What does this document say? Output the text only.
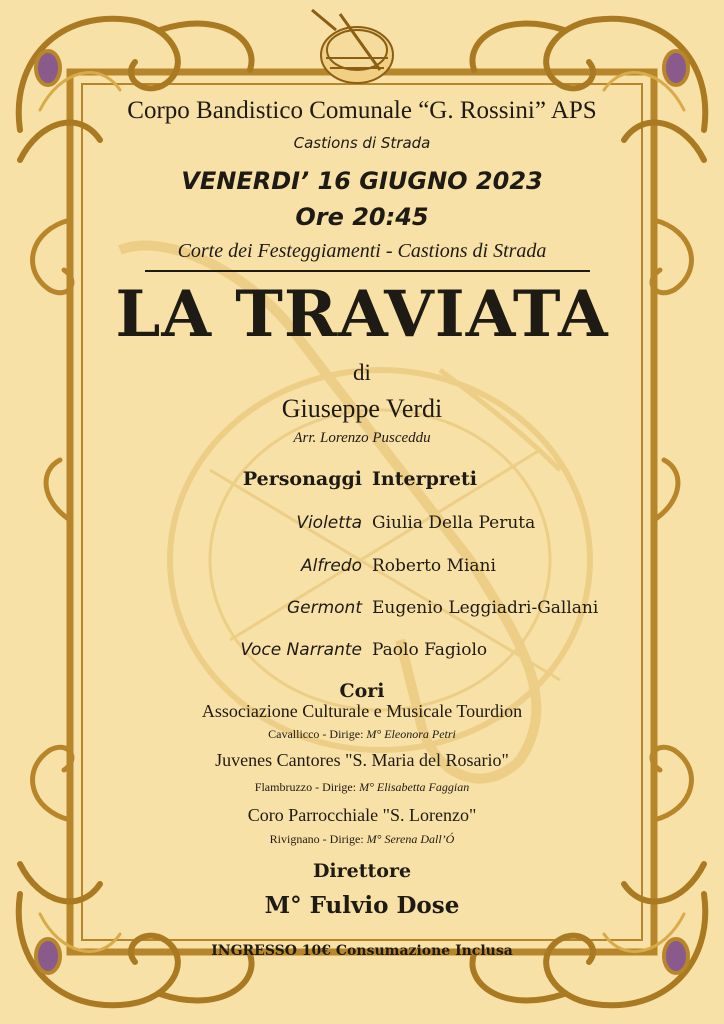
Corpo Bandistico Comunale “G. Rossini” APS
Castions di Strada
VENERDI’ 16 GIUGNO 2023
Ore 20:45
Corte dei Festeggiamenti - Castions di Strada
LA TRAVIATA
di
Giuseppe Verdi
Arr. Lorenzo Pusceddu
Personaggi Interpreti
Violetta Giulia Della Peruta
Alfredo Roberto Miani
Germont Eugenio Leggiadri-Gallani
Voce Narrante Paolo Fagiolo
Cori
Associazione Culturale e Musicale Tourdion
Cavallicco - Dirige: M° Eleonora Petri
Juvenes Cantores "S. Maria del Rosario"
Flambruzzo - Dirige: M° Elisabetta Faggian
Coro Parrocchiale "S. Lorenzo"
Rivignano - Dirige: M° Serena Dall’Ó
Direttore
M° Fulvio Dose
INGRESSO 10€ Consumazione Inclusa
